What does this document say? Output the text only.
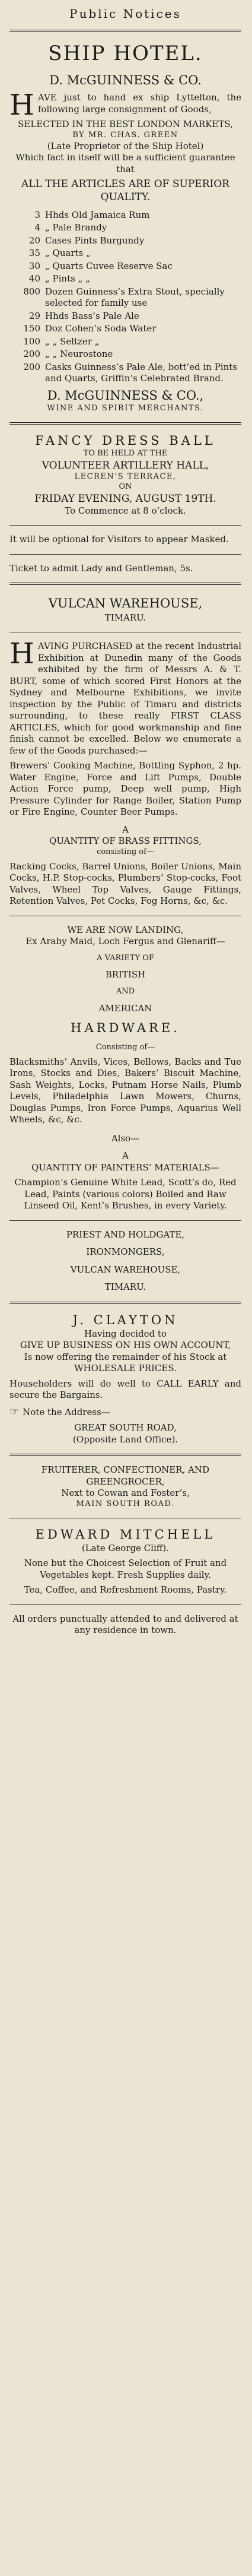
Public Notices
SHIP HOTEL.
D. McGUINNESS & CO.
HAVE just to hand ex ship Lyttelton, the following large consignment of Goods,
SELECTED IN THE BEST LONDON MARKETS,
BY MR. CHAS. GREEN
(Late Proprietor of the Ship Hotel)
Which fact in itself will be a sufficient guarantee that
ALL THE ARTICLES ARE OF SUPERIOR QUALITY.
3	Hhds Old Jamaica Rum
4	„ Pale Brandy
20	Cases Pints Burgundy
35	„ Quarts „
30	„ Quarts Cuvee Reserve Sac
40	„ Pints „ „
800	Dozen Guinness’s Extra Stout, specially selected for family use
29	Hhds Bass’s Pale Ale
150	Doz Cohen’s Soda Water
100	„ „ Seltzer „
200	„ „ Neurostone
200	Casks Guinness’s Pale Ale, bott’ed in Pints and Quarts, Griffin’s Celebrated Brand.
D. McGUINNESS & CO.,
WINE AND SPIRIT MERCHANTS.
FANCY DRESS BALL
TO BE HELD AT THE
VOLUNTEER ARTILLERY HALL,
LECREN’S TERRACE,
ON
FRIDAY EVENING, AUGUST 19TH.
To Commence at 8 o’clock.
It will be optional for Visitors to appear Masked.
Ticket to admit Lady and Gentleman, 5s.
VULCAN WAREHOUSE,
TIMARU.
HAVING PURCHASED at the recent Industrial Exhibition at Dunedin many of the Goods exhibited by the firm of Messrs A. & T. BURT, some of which scored First Honors at the Sydney and Melbourne Exhibitions, we invite inspection by the Public of Timaru and districts surrounding, to these really FIRST CLASS ARTICLES, which for good workmanship and fine finish cannot be excelled. Below we enumerate a few of the Goods purchased:—
Brewers’ Cooking Machine, Bottling Syphon, 2 hp. Water Engine, Force and Lift Pumps, Double Action Force pump, Deep well pump, High Pressure Cylinder for Range Boiler, Station Pump or Fire Engine, Counter Beer Pumps.
A
QUANTITY OF BRASS FITTINGS,
consisting of—
Racking Cocks, Barrel Unions, Boiler Unions, Main Cocks, H.P. Stop-cocks, Plumbers’ Stop-cocks, Foot Valves, Wheel Top Valves, Gauge Fittings, Retention Valves, Pet Cocks, Fog Horns, &c, &c.
WE ARE NOW LANDING,
Ex Araby Maid, Loch Fergus and Glenariff—
A VARIETY OF
BRITISH
AND
AMERICAN
HARDWARE.
Consisting of—
Blacksmiths’ Anvils, Vices, Bellows, Backs and Tue Irons, Stocks and Dies, Bakers’ Biscuit Machine, Sash Weights, Locks, Putnam Horse Nails, Plumb Levels, Philadelphia Lawn Mowers, Churns, Douglas Pumps, Iron Force Pumps, Aquarius Well Wheels, &c, &c.
Also—
A
QUANTITY OF PAINTERS’ MATERIALS—
Champion’s Genuine White Lead, Scott’s do, Red Lead, Paints (various colors) Boiled and Raw Linseed Oil, Kent’s Brushes, in every Variety.
PRIEST AND HOLDGATE,
IRONMONGERS,
VULCAN WAREHOUSE,
TIMARU.
J. CLAYTON
Having decided to
GIVE UP BUSINESS ON HIS OWN ACCOUNT,
Is now offering the remainder of his Stock at
WHOLESALE PRICES.
Householders will do well to CALL EARLY and secure the Bargains.
☞ Note the Address—
GREAT SOUTH ROAD,
(Opposite Land Office).
FRUITERER, CONFECTIONER, AND GREENGROCER,
Next to Cowan and Foster’s,
MAIN SOUTH ROAD.
EDWARD MITCHELL
(Late George Cliff).
None but the Choicest Selection of Fruit and Vegetables kept. Fresh Supplies daily.
Tea, Coffee, and Refreshment Rooms, Pastry.
All orders punctually attended to and delivered at any residence in town.
